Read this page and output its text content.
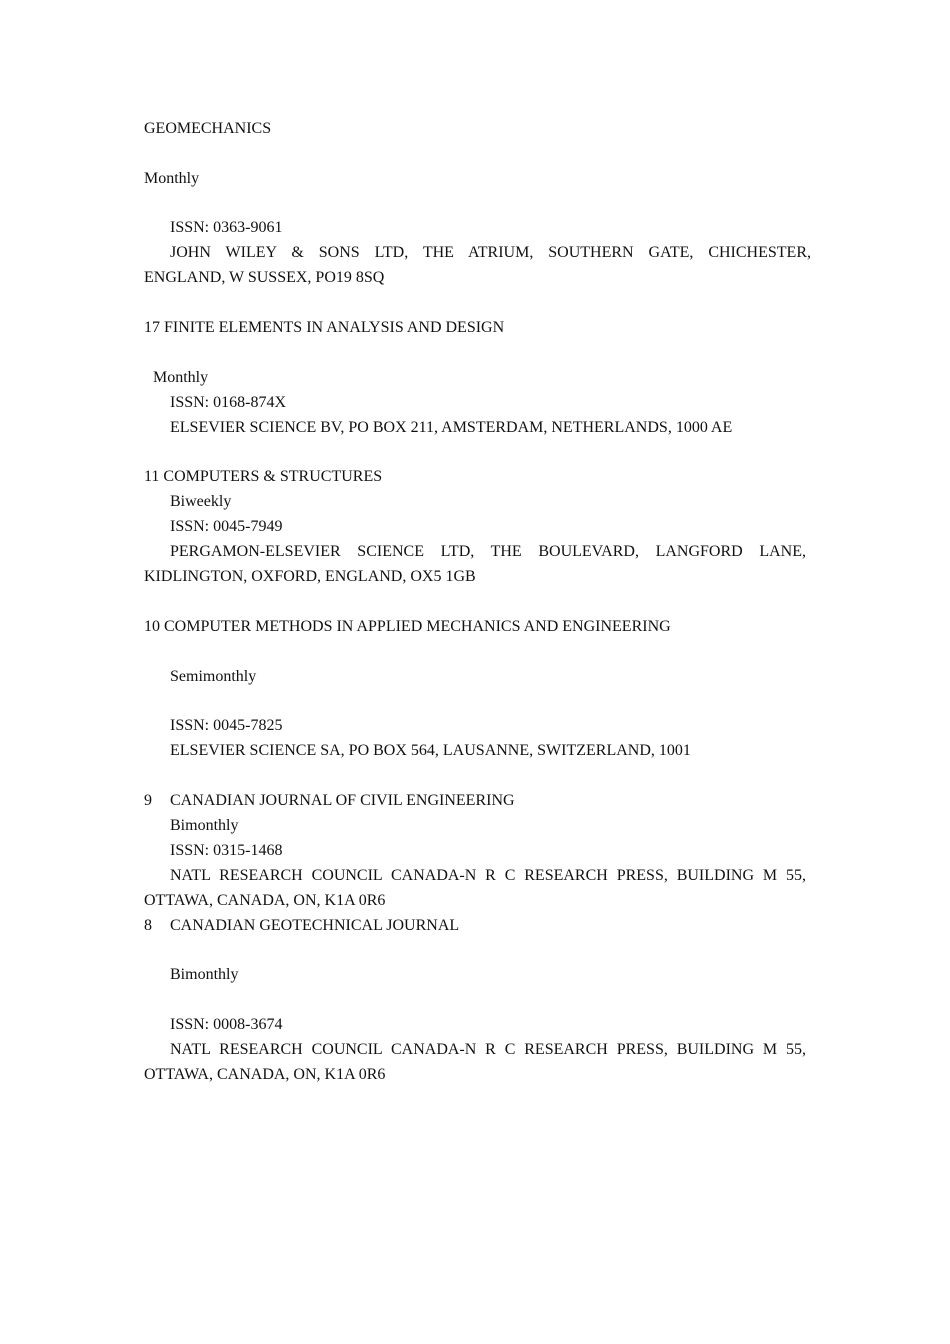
GEOMECHANICS
Monthly
ISSN: 0363-9061
JOHN WILEY & SONS LTD, THE ATRIUM, SOUTHERN GATE, CHICHESTER,
ENGLAND, W SUSSEX, PO19 8SQ
17 FINITE ELEMENTS IN ANALYSIS AND DESIGN
Monthly
ISSN: 0168-874X
ELSEVIER SCIENCE BV, PO BOX 211, AMSTERDAM, NETHERLANDS, 1000 AE
11 COMPUTERS & STRUCTURES
Biweekly
ISSN: 0045-7949
PERGAMON-ELSEVIER SCIENCE LTD, THE BOULEVARD, LANGFORD LANE,
KIDLINGTON, OXFORD, ENGLAND, OX5 1GB
10 COMPUTER METHODS IN APPLIED MECHANICS AND ENGINEERING
Semimonthly
ISSN: 0045-7825
ELSEVIER SCIENCE SA, PO BOX 564, LAUSANNE, SWITZERLAND, 1001
9 CANADIAN JOURNAL OF CIVIL ENGINEERING
Bimonthly
ISSN: 0315-1468
NATL RESEARCH COUNCIL CANADA-N R C RESEARCH PRESS, BUILDING M 55,
OTTAWA, CANADA, ON, K1A 0R6
8 CANADIAN GEOTECHNICAL JOURNAL
Bimonthly
ISSN: 0008-3674
NATL RESEARCH COUNCIL CANADA-N R C RESEARCH PRESS, BUILDING M 55,
OTTAWA, CANADA, ON, K1A 0R6
